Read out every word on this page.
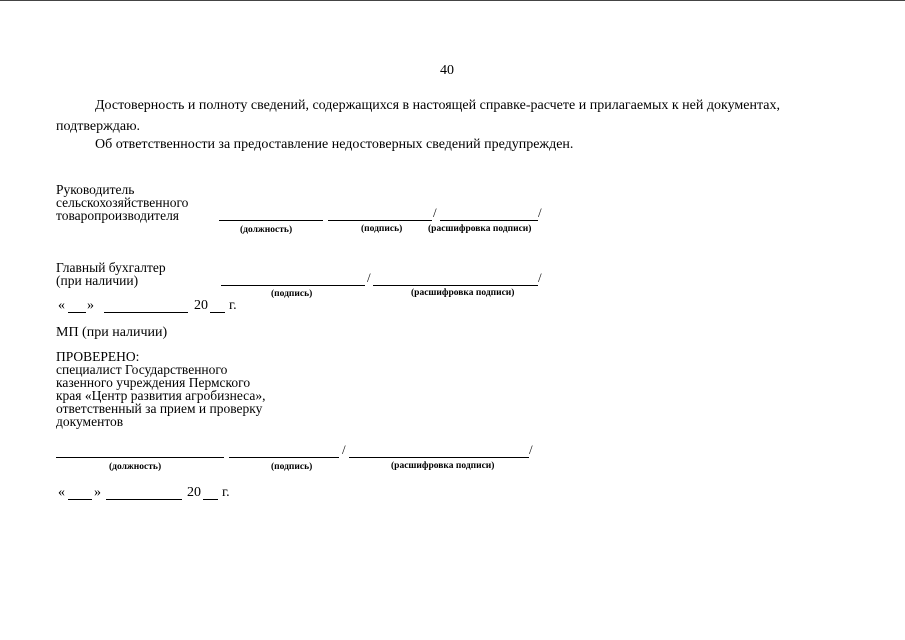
40
Достоверность и полноту сведений, содержащихся в настоящей справке-расчете и прилагаемых к ней документах,
подтверждаю.
Об ответственности за предоставление недостоверных сведений предупрежден.
Руководитель
сельскохозяйственного
товаропроизводителя	/	/
(должность)	(подпись)	(расшифровка подписи)
Главный бухгалтер
(при наличии)	/	/
(подпись)	(расшифровка подписи)
« »	20 г.
МП (при наличии)
ПРОВЕРЕНО:
специалист Государственного
казенного учреждения Пермского
края «Центр развития агробизнеса»,
ответственный за прием и проверку
документов
/	/
(должность)	(подпись)	(расшифровка подписи)
« »	20 г.
